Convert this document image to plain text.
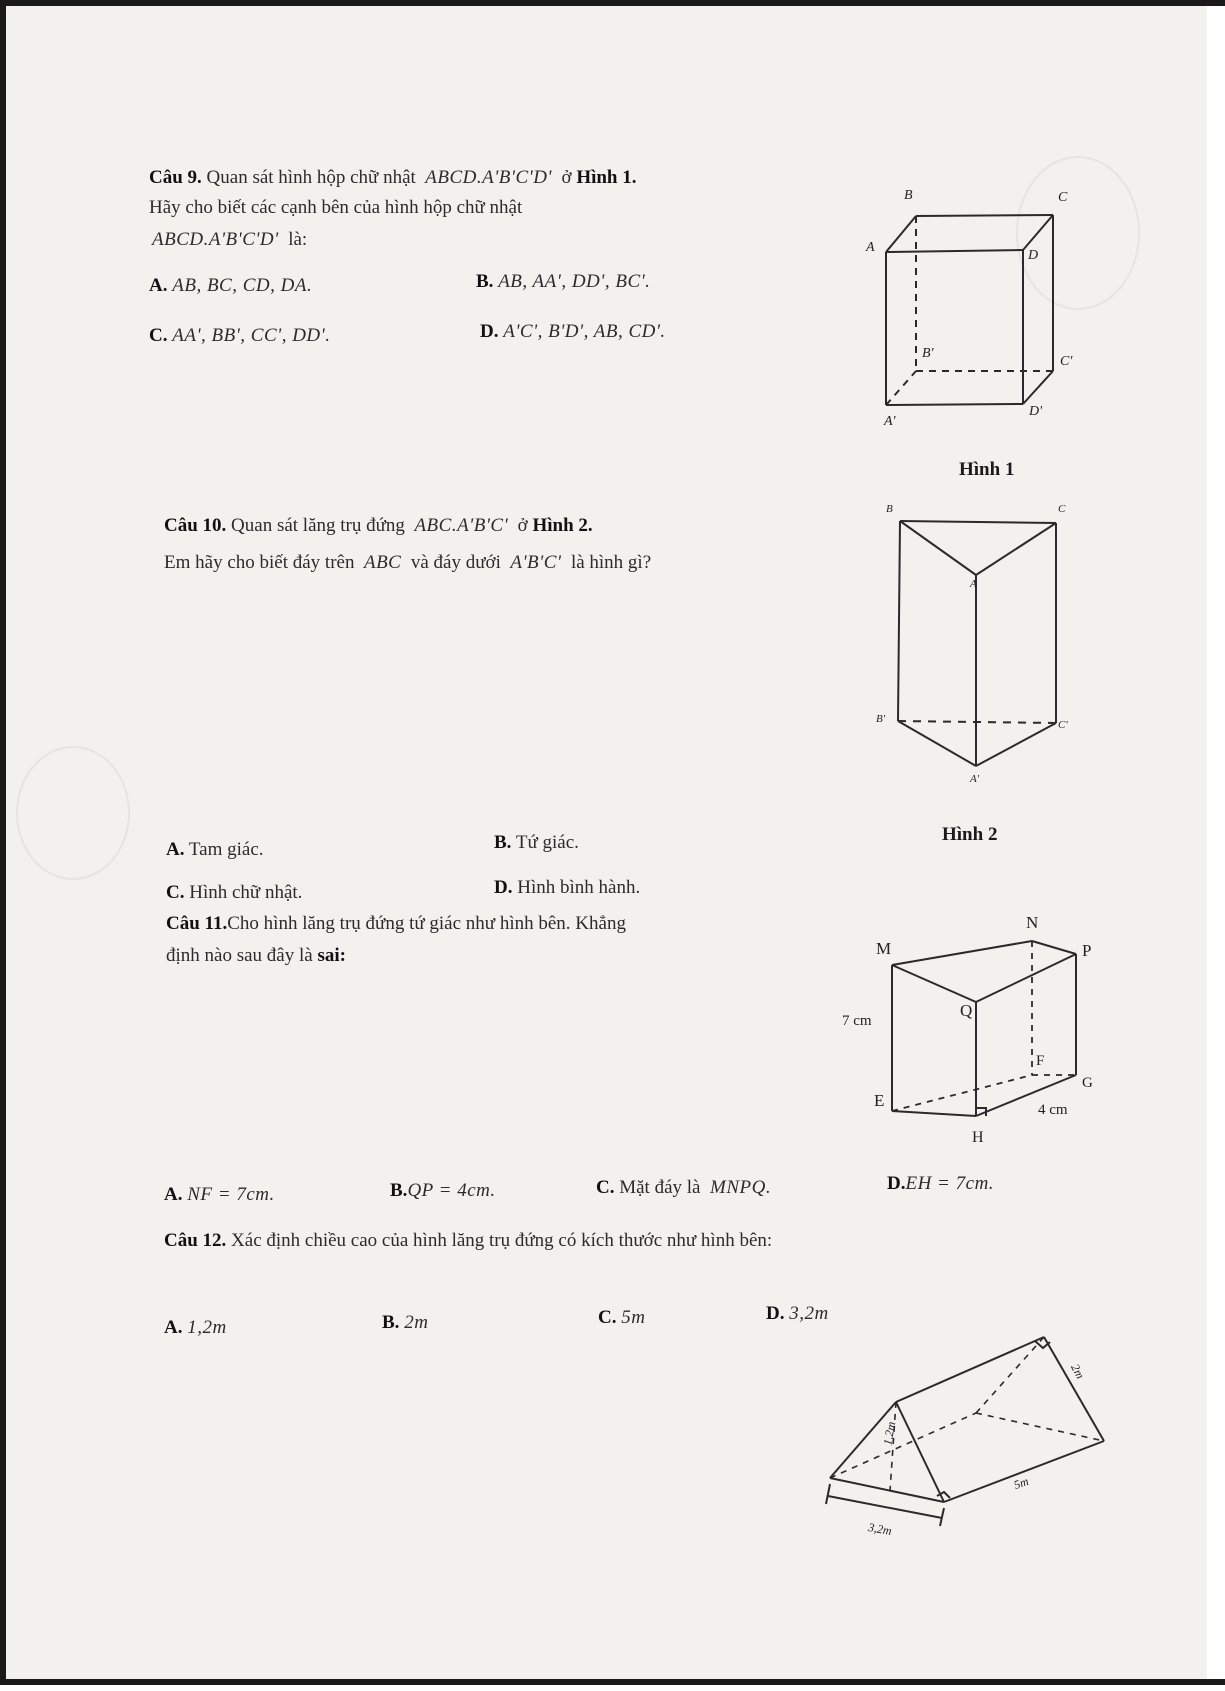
Câu 9. Quan sát hình hộp chữ nhật ABCD.A'B'C'D' ở Hình 1.
Hãy cho biết các cạnh bên của hình hộp chữ nhật
ABCD.A'B'C'D' là:
A. AB, BC, CD, DA.	B. AB, AA', DD', BC'.
C. AA', BB', CC', DD'.	D. A'C', B'D', AB, CD'.
B	C
A
D
B'
C'
D'
A'
Hình 1
Câu 10. Quan sát lăng trụ đứng ABC.A'B'C' ở Hình 2.
Em hãy cho biết đáy trên ABC và đáy dưới A'B'C' là hình gì?
B	C
A
B'	C'
A'
Hình 2
A. Tam giác.	B. Tứ giác.
C. Hình chữ nhật.	D. Hình bình hành.
Câu 11.Cho hình lăng trụ đứng tứ giác như hình bên. Khẳng
định nào sau đây là sai:
N
M	P
Q
7 cm
F
G
E	4 cm
H
A. NF = 7cm.	B.QP = 4cm.	C. Mặt đáy là MNPQ.	D.EH = 7cm.
Câu 12. Xác định chiều cao của hình lăng trụ đứng có kích thước như hình bên:
A. 1,2m	B. 2m	C. 5m	D. 3,2m
2m
1,2m
5m
3,2m
